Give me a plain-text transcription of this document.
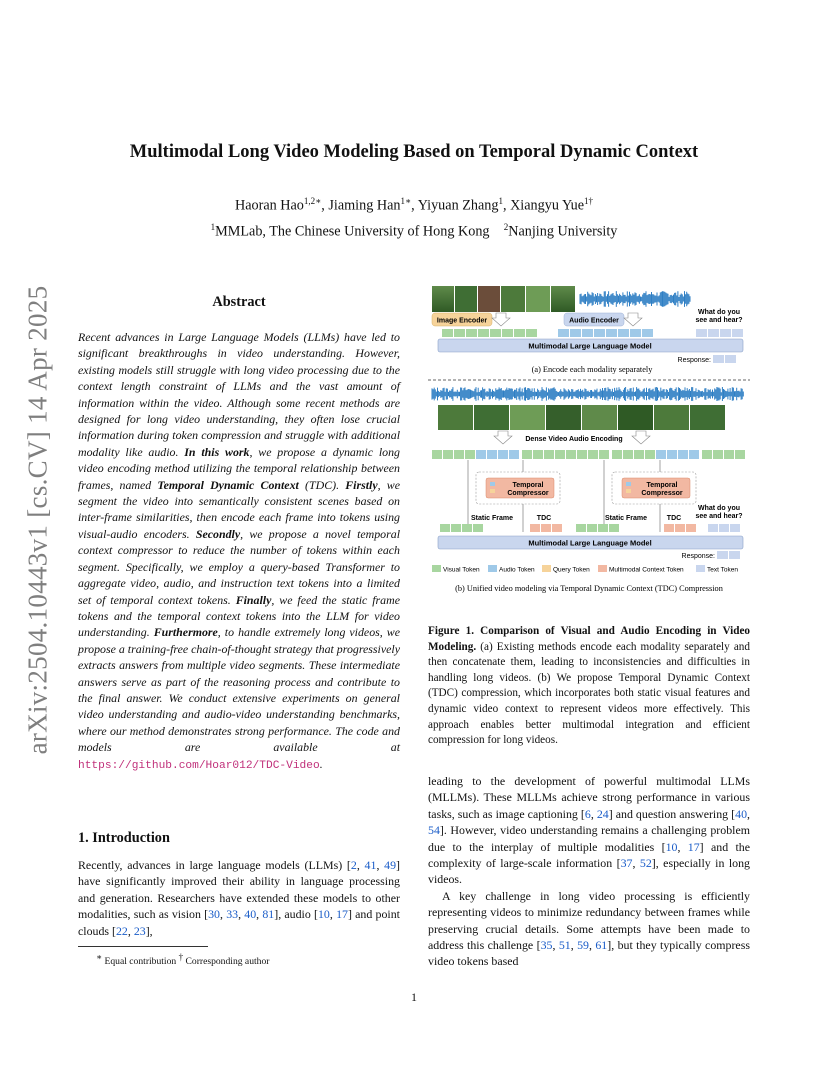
arXiv:2504.10443v1 [cs.CV] 14 Apr 2025
Multimodal Long Video Modeling Based on Temporal Dynamic Context
Haoran Hao$^{1,2∗}$, Jiaming Han$^{1∗}$, Yiyuan Zhang$^1$, Xiangyu Yue$^{1\dagger}$
$^1$MMLab, The Chinese University of Hong Kong $^2$Nanjing University
Abstract
Recent advances in Large Language Models (LLMs) have led to significant breakthroughs in video understanding. However, existing models still struggle with long video processing due to the context length constraint of LLMs and the vast amount of information within the video. Although some recent methods are designed for long video understanding, they often lose crucial information during token compression and struggle with additional modality like audio. In this work, we propose a dynamic long video encoding method utilizing the temporal relationship between frames, named Temporal Dynamic Context (TDC). Firstly, we segment the video into semantically consistent scenes based on inter-frame similarities, then encode each frame into tokens using visual-audio encoders. Secondly, we propose a novel temporal context compressor to reduce the number of tokens within each segment. Specifically, we employ a query-based Transformer to aggregate video, audio, and instruction text tokens into a limited set of temporal context tokens. Finally, we feed the static frame tokens and the temporal context tokens into the LLM for video understanding. Furthermore, to handle extremely long videos, we propose a training-free chain-of-thought strategy that progressively extracts answers from multiple video segments. These intermediate answers serve as part of the reasoning process and contribute to the final answer. We conduct extensive experiments on general video understanding and audio-video understanding benchmarks, where our method demonstrates strong performance. The code and models are available at https://github.com/Hoar012/TDC-Video.
1. Introduction
Recently, advances in large language models (LLMs) [2, 41, 49] have significantly improved their ability in language processing and generation. Researchers have extended these models to other modalities, such as vision [30, 33, 40, 81], audio [10, 17] and point clouds [22, 23],
∗ Equal contribution † Corresponding author
Image Encoder	Audio Encoder
What do you see and hear?
Multimodal Large Language Model
Response:
(a) Encode each modality separately
Dense Video Audio Encoding
Temporal Compressor
Temporal Compressor
Static Frame	TDC	Static Frame	TDC
What do you see and hear?
Multimodal Large Language Model
Response:
Visual Token	Audio Token	Query Token	Multimodal Context Token	Text Token
(b) Unified video modeling via Temporal Dynamic Context (TDC) Compression
Figure 1. Comparison of Visual and Audio Encoding in Video Modeling. (a) Existing methods encode each modality separately and then concatenate them, leading to inconsistencies and difficulties in handling long videos. (b) We propose Temporal Dynamic Context (TDC) compression, which incorporates both static visual features and dynamic video context to represent videos more effectively. This approach enables better multimodal integration and efficient compression for long videos.

leading to the development of powerful multimodal LLMs (MLLMs). These MLLMs achieve strong performance in various tasks, such as image captioning [6, 24] and question answering [40, 54]. However, video understanding remains a challenging problem due to the interplay of multiple modalities [10, 17] and the complexity of large-scale information [37, 52], especially in long videos.

A key challenge in long video processing is efficiently representing videos to minimize redundancy between frames while preserving crucial details. Some attempts have been made to address this challenge [35, 51, 59, 61], but they typically compress video tokens based

1
